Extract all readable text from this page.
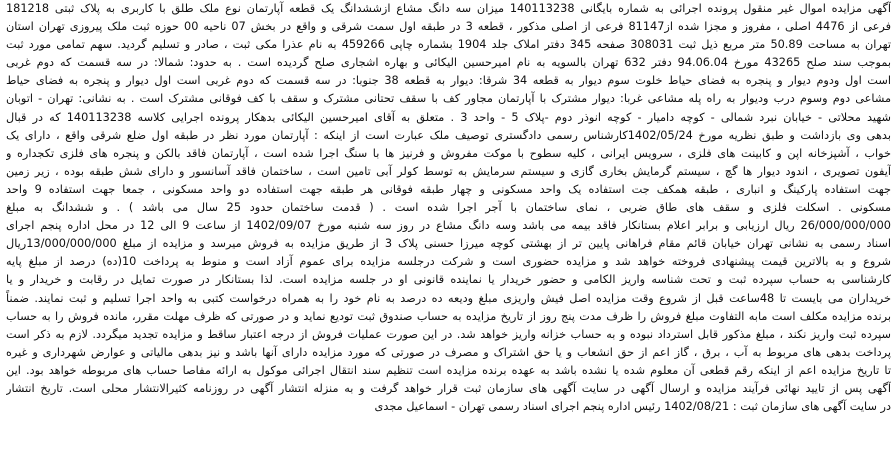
آگهی مزایده اموال غیر منقول پرونده اجرائی به شماره بایگانی 140113238 میزان سه دانگ مشاع ازششدانگ یک قطعه آپارتمان نوع ملک طلق با کاربری به پلاک ثبتی 181218
فرعی از 4476 اصلی ، مفروز و مجزا شده از81147 فرعی از اصلی مذکور ، قطعه 3 در طبقه اول سمت شرقی و واقع در بخش 07 ناحیه 00 حوزه ثبت ملک پیروزی تهران استان
تهران به مساحت 50.89 متر مربع ذیل ثبت 308031 صفحه 345 دفتر املاک جلد 1904 بشماره چاپی 459266 به نام عذرا مکی ثبت ، صادر و تسلیم گردید. سهم تمامی مورد ثبت
بموجب سند صلح 43265 مورخ 94.06.04 دفتر 632 تهران بالسویه به نام امیرحسین الیکائی و بهاره اشجاری صلح گردیده است . به حدود: شمالا: در سه قسمت که دوم غربی
است اول ودوم دیوار و پنجره به فضای حیاط خلوت سوم دیوار به قطعه 34 شرقا: دیوار به قطعه 38 جنوبا: در سه قسمت که دوم غربی است اول دیوار و پنجره به فضای حیاط
مشاعی دوم وسوم درب ودیوار به راه پله مشاعی غربا: دیوار مشترک با آپارتمان مجاور کف با سقف تحتانی مشترک و سقف با کف فوقانی مشترک است . به نشانی: تهران - اتوبان
شهید محلاتی - خیابان نبرد شمالی - کوچه دامیار - کوچه انوذر دوم -پلاک 5 - واحد 3 . متعلق به آقای امیرحسین الیکائی بدهکار پرونده اجرایی کلاسه 140113238 که در قبال
بدهی وی بازداشت و طبق نظریه مورخ 1402/05/24کارشناس رسمی دادگستری توصیف ملک عبارت است از اینکه : آپارتمان مورد نظر در طبقه اول ضلع شرقی واقع ، دارای یک
خواب ، آشپزخانه اپن و کابینت های فلزی ، سرویس ایرانی ، کلیه سطوح با موکت مفروش و فرنیز ها با سنگ اجرا شده است ، آپارتمان فاقد بالکن و پنجره های فلزی تکجداره و
آیفون تصویری ، اندود دیوار ها گچ ، سیستم گرمایش بخاری گازی و سیستم سرمایش به توسط کولر آبی تامین است ، ساختمان فاقد آسانسور و دارای شش طبقه بوده ، زیر زمین
جهت استفاده پارکینگ و انباری ، طبقه همکف جت استفاده یک واحد مسکونی و چهار طبقه فوقانی هر طبقه جهت استفاده دو واحد مسکونی ، جمعا جهت استفاده 9 واحد
مسکونی . اسکلت فلزی و سقف های طاق ضربی ، نمای ساختمان با آجر اجرا شده است . ( قدمت ساختمان حدود 25 سال می باشد ) . و ششدانگ به مبلغ
26/000/000/000 ریال ارزیابی و برابر اعلام بستانکار فاقد بیمه می باشد وسه دانگ مشاع در روز سه شنبه مورخ 1402/09/07 از ساعت 9 الی 12 در محل اداره پنجم اجرای
اسناد رسمی به نشانی تهران خیابان قائم مقام فراهانی پایین تر از بهشتی کوچه میرزا حسنی پلاک 3 از طریق مزایده به فروش میرسد و مزایده از مبلغ 13/000/000/000ریال
شروع و به بالاترین قیمت پیشنهادی فروخته خواهد شد و مزایده حضوری است و شرکت درجلسه مزایده برای عموم آزاد است و منوط به پرداخت 10(ده) درصد از مبلغ پایه
کارشناسی به حساب سپرده ثبت و تحت شناسه واریز الکامی و حضور خریدار یا نماینده قانونی او در جلسه مزایده است. لذا بستانکار در صورت تمایل در رقابت و خریدار و یا
خریداران می بایست تا 48ساعت قبل از شروع وقت مزایده اصل فیش واریزی مبلغ ودیعه ده درصد به نام خود را به همراه درخواست کتبی به واحد اجرا تسلیم و ثبت نمایند. ضمناً
برنده مزایده مکلف است مابه التفاوت مبلغ فروش را ظرف مدت پنج روز از تاریخ مزایده به حساب صندوق ثبت تودیع نماید و در صورتی که ظرف مهلت مقرر، مانده فروش را به حساب
سپرده ثبت واریز نکند ، مبلغ مذکور قابل استرداد نبوده و به حساب خزانه واریز خواهد شد. در این صورت عملیات فروش از درجه اعتبار ساقط و مزایده تجدید میگردد. لازم به ذکر است
پرداخت بدهی های مربوط به آب ، برق ، گاز اعم از حق انشعاب و یا حق اشتراک و مصرف در صورتی که مورد مزایده دارای آنها باشد و نیز بدهی مالیاتی و عوارض شهرداری و غیره
تا تاریخ مزایده اعم از اینکه رقم قطعی آن معلوم شده یا نشده باشد به عهده برنده مزایده است تنظیم سند انتقال اجرائی موکول به ارائه مفاصا حساب های مربوطه خواهد بود. این
آگهی پس از تایید نهائی فرآیند مزایده و ارسال آگهی در سایت آگهی های سازمان ثبت قرار خواهد گرفت و به منزله انتشار آگهی در روزنامه کثیرالانتشار محلی است. تاریخ انتشار
در سایت آگهی های سازمان ثبت : 1402/08/21 رئیس اداره پنجم اجرای اسناد رسمی تهران - اسماعیل مجدی
